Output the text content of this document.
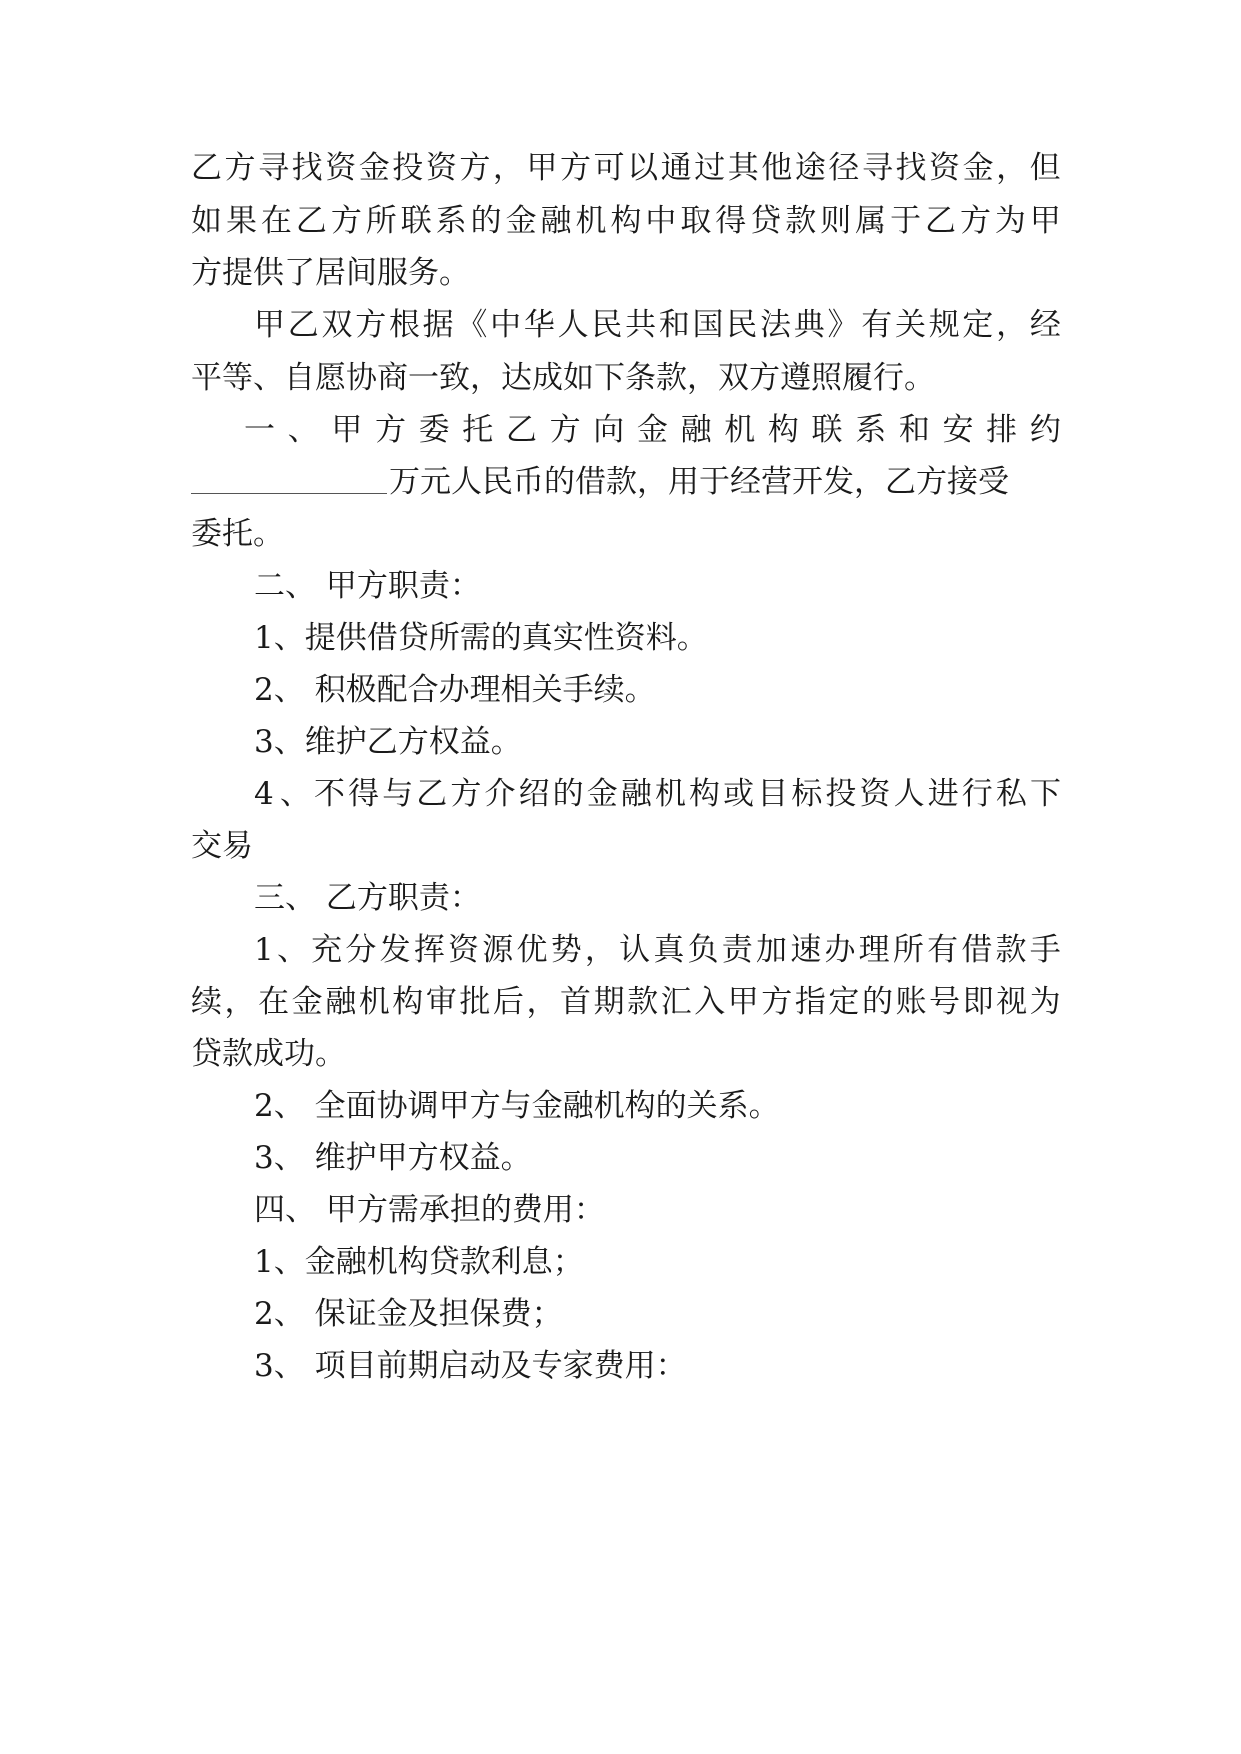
乙 方 寻 找 资 金 投 资 方 ， 甲 方 可 以 通 过 其 他 途 径 寻 找 资 金 ， 但
如 果 在 乙 方 所 联 系 的 金 融 机 构 中 取 得 贷 款 则 属 于 乙 方 为 甲
方提供了居间服务。
甲 乙 双 方 根 据 《 中 华 人 民 共 和 国 民 法 典 》 有 关 规 定 ， 经
平等、自愿协商一致，达成如下条款，双方遵照履行。
一 、 甲 方 委 托 乙 方 向 金 融 机 构 联 系 和 安 排 约
万元人民币的借款，用于经营开发，乙方接受
委托。
二、 甲方职责：
1、提供借贷所需的真实性资料。
2、 积极配合办理相关手续。
3、维护乙方权益。
4 、 不 得 与 乙 方 介 绍 的 金 融 机 构 或 目 标 投 资 人 进 行 私 下
交易
三、 乙方职责：
1 、 充 分 发 挥 资 源 优 势 ， 认 真 负 责 加 速 办 理 所 有 借 款 手
续 ， 在 金 融 机 构 审 批 后 ， 首 期 款 汇 入 甲 方 指 定 的 账 号 即 视 为
贷款成功。
2、 全面协调甲方与金融机构的关系。
3、 维护甲方权益。
四、 甲方需承担的费用：
1、金融机构贷款利息；
2、 保证金及担保费；
3、 项目前期启动及专家费用：
